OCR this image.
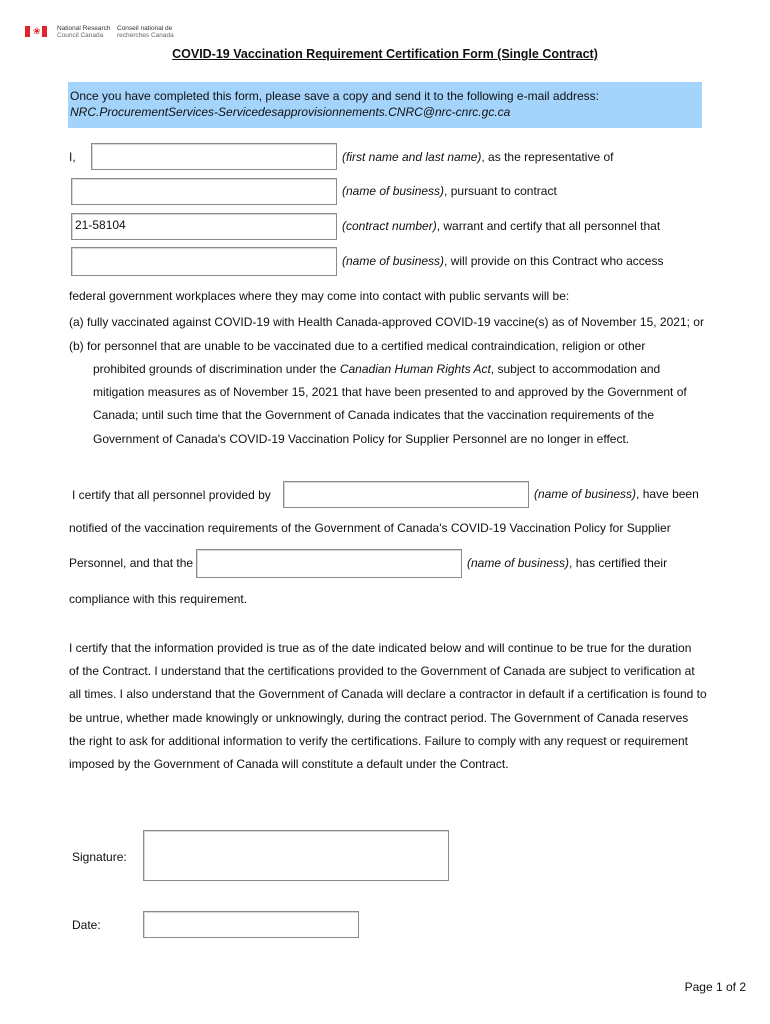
❀	National Research
Council Canada
Conseil national de
recherches Canada
COVID-19 Vaccination Requirement Certification Form (Single Contract)
Once you have completed this form, please save a copy and send it to the following e-mail address:
NRC.ProcurementServices-Servicedesapprovisionnements.CNRC@nrc-cnrc.gc.ca
I,	(first name and last name), as the representative of
(name of business), pursuant to contract
21-58104	(contract number), warrant and certify that all personnel that
(name of business), will provide on this Contract who access
federal government workplaces where they may come into contact with public servants will be:
(a) fully vaccinated against COVID-19 with Health Canada-approved COVID-19 vaccine(s) as of November 15, 2021; or
(b) for personnel that are unable to be vaccinated due to a certified medical contraindication, religion or other
prohibited grounds of discrimination under the Canadian Human Rights Act, subject to accommodation and
mitigation measures as of November 15, 2021 that have been presented to and approved by the Government of
Canada; until such time that the Government of Canada indicates that the vaccination requirements of the
Government of Canada's COVID-19 Vaccination Policy for Supplier Personnel are no longer in effect.
I certify that all personnel provided by	(name of business), have been
notified of the vaccination requirements of the Government of Canada's COVID-19 Vaccination Policy for Supplier
Personnel, and that the	(name of business), has certified their
compliance with this requirement.
I certify that the information provided is true as of the date indicated below and will continue to be true for the duration
of the Contract. I understand that the certifications provided to the Government of Canada are subject to verification at
all times. I also understand that the Government of Canada will declare a contractor in default if a certification is found to
be untrue, whether made knowingly or unknowingly, during the contract period. The Government of Canada reserves
the right to ask for additional information to verify the certifications. Failure to comply with any request or requirement
imposed by the Government of Canada will constitute a default under the Contract.
Signature:
Date:
Page 1 of 2
